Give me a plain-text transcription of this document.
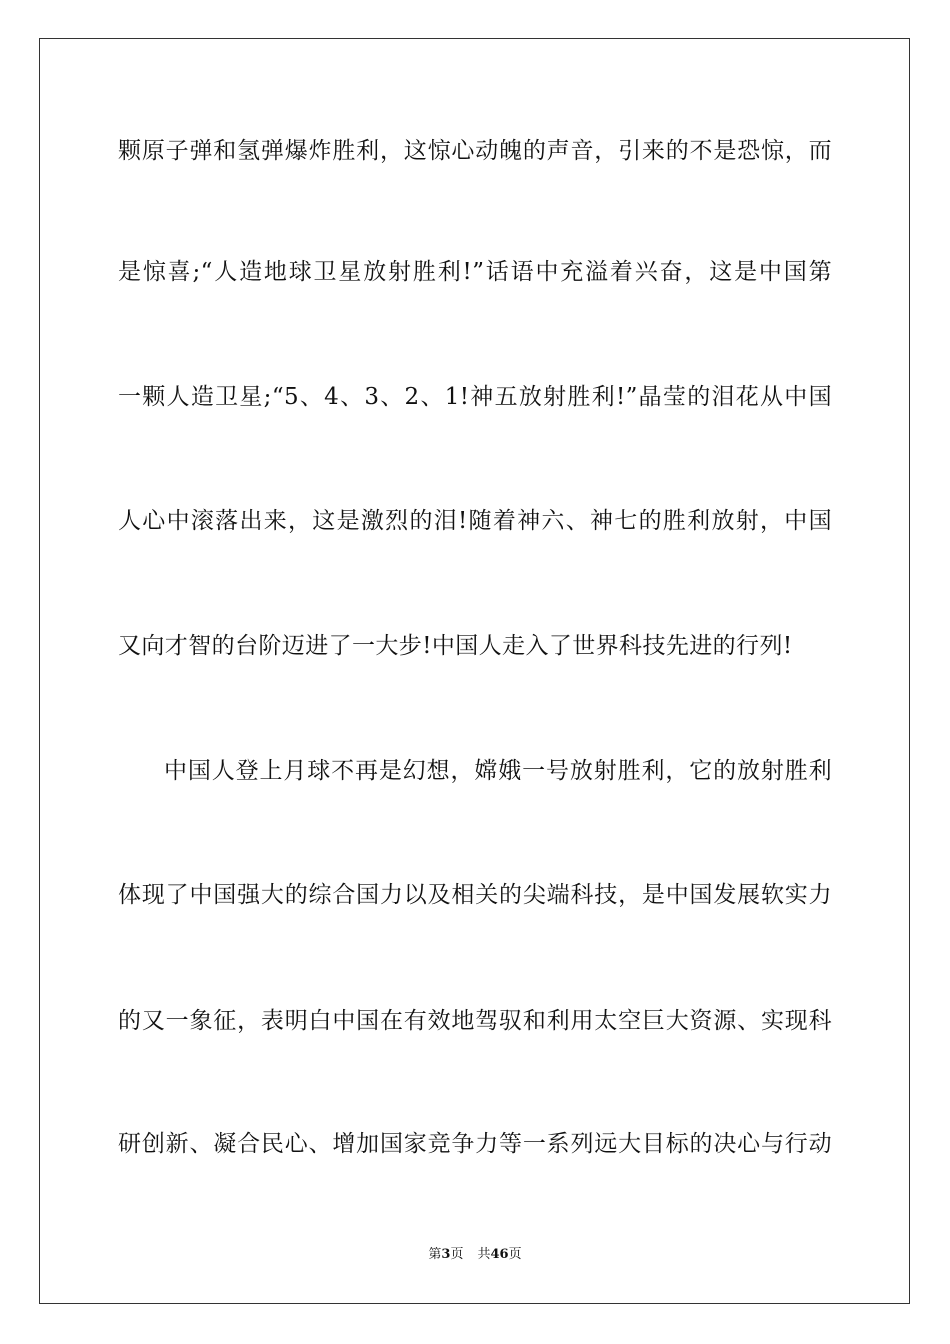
颗原子弹和氢弹爆炸胜利，这惊心动魄的声音，引来的不是恐惊，而
是惊喜;“人造地球卫星放射胜利!”话语中充溢着兴奋，这是中国第
一颗人造卫星;“5、4、3、2、1!神五放射胜利!”晶莹的泪花从中国
人心中滚落出来，这是激烈的泪!随着神六、神七的胜利放射，中国
又向才智的台阶迈进了一大步!中国人走入了世界科技先进的行列!
中国人登上月球不再是幻想，嫦娥一号放射胜利，它的放射胜利
体现了中国强大的综合国力以及相关的尖端科技，是中国发展软实力
的又一象征，表明白中国在有效地驾驭和利用太空巨大资源、实现科
研创新、凝合民心、增加国家竞争力等一系列远大目标的决心与行动
第3页 共46页
